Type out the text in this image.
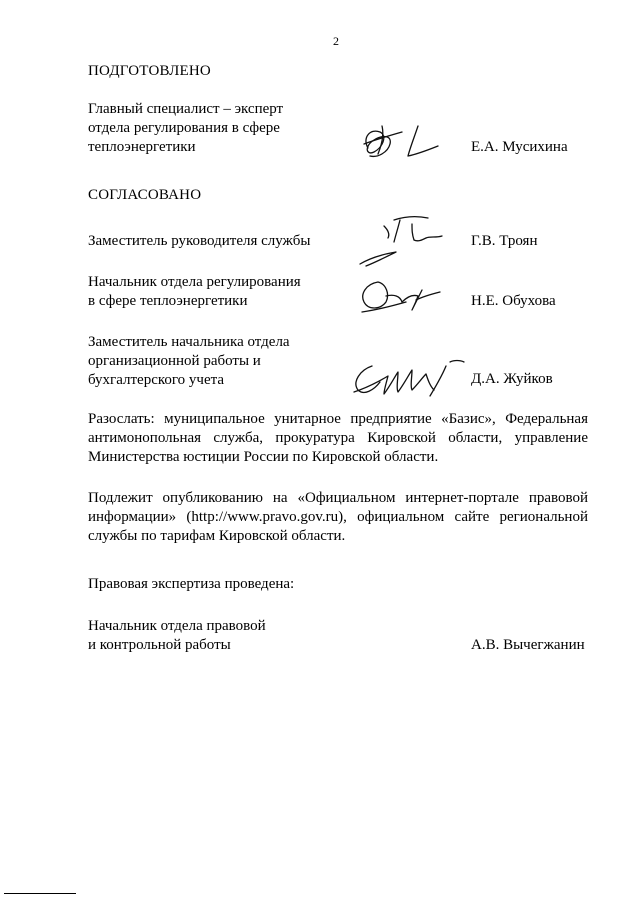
2
ПОДГОТОВЛЕНО
Главный специалист – эксперт
отдела регулирования в сфере
теплоэнергетики	Е.А. Мусихина
СОГЛАСОВАНО
Заместитель руководителя службы	Г.В. Троян
Начальник отдела регулирования
в сфере теплоэнергетики	Н.Е. Обухова
Заместитель начальника отдела
организационной работы и
бухгалтерского учета	Д.А. Жуйков
Разослать: муниципальное унитарное предприятие «Базис», Федеральная
антимонопольная служба, прокуратура Кировской области, управление
Министерства юстиции России по Кировской области.
Подлежит опубликованию на «Официальном интернет-портале правовой
информации» (http://www.pravo.gov.ru), официальном сайте региональной
службы по тарифам Кировской области.
Правовая экспертиза проведена:
Начальник отдела правовой
и контрольной работы	А.В. Вычегжанин
